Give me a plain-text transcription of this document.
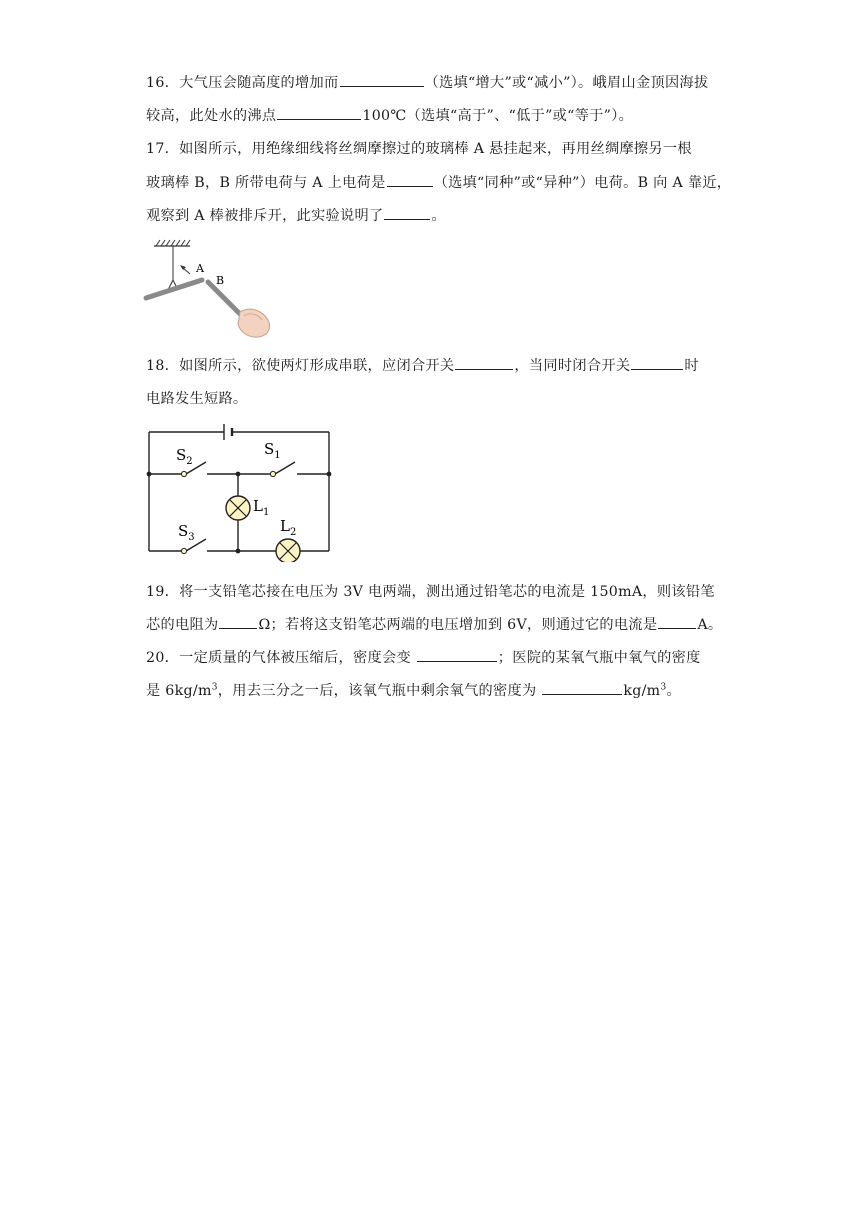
16．大气压会随高度的增加而	（选填“增大”或“减小”）。峨眉山金顶因海拔
较高，此处水的沸点	100℃（选填“高于”、“低于”或“等于”）。
17．如图所示，用绝缘细线将丝绸摩擦过的玻璃棒 A 悬挂起来，再用丝绸摩擦另一根
玻璃棒 B，B 所带电荷与 A 上电荷是	（选填“同种”或“异种”）电荷。B 向 A 靠近，
观察到 A 棒被排斥开，此实验说明了	。
A
B
18．如图所示，欲使两灯形成串联，应闭合开关	，当同时闭合开关	时
电路发生短路。
$S_2$
$S_1$
$L_1$
$S_3$
$L_2$
19．将一支铅笔芯接在电压为 3V 电两端，测出通过铅笔芯的电流是 150mA，则该铅笔
芯的电阻为	Ω；若将这支铅笔芯两端的电压增加到 6V，则通过它的电流是	A。
20．一定质量的气体被压缩后，密度会变	；医院的某氧气瓶中氧气的密度
是 $6kg/m^3$，用去三分之一后，该氧气瓶中剩余氧气的密度为	$kg/m^3$。
